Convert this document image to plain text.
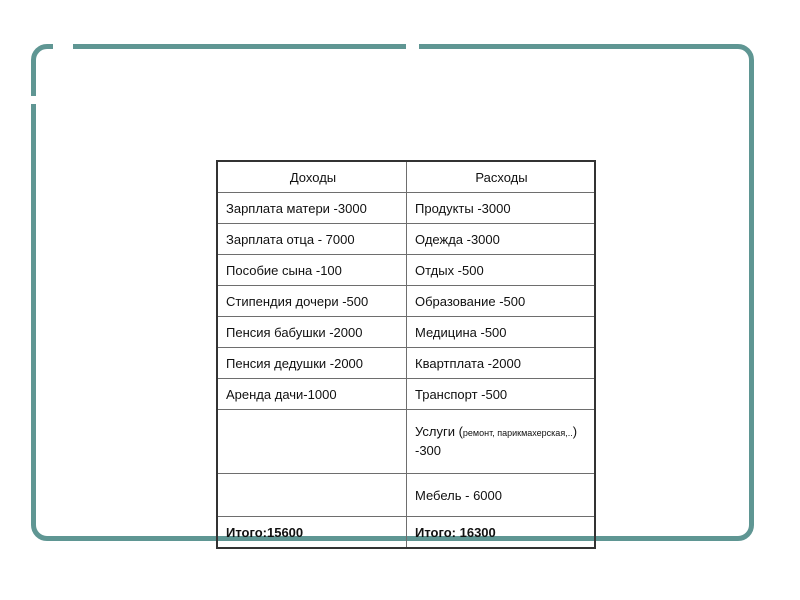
Доходы	Расходы
Зарплата матери -3000	Продукты -3000
Зарплата отца - 7000	Одежда -3000
Пособие сына -100	Отдых -500
Стипендия дочери -500	Образование -500
Пенсия бабушки -2000	Медицина -500
Пенсия дедушки -2000	Квартплата -2000
Аренда дачи-1000	Транспорт -500
	Услуги (ремонт, парикмахерская,..) -300
	Мебель - 6000
Итого:15600	Итого: 16300
